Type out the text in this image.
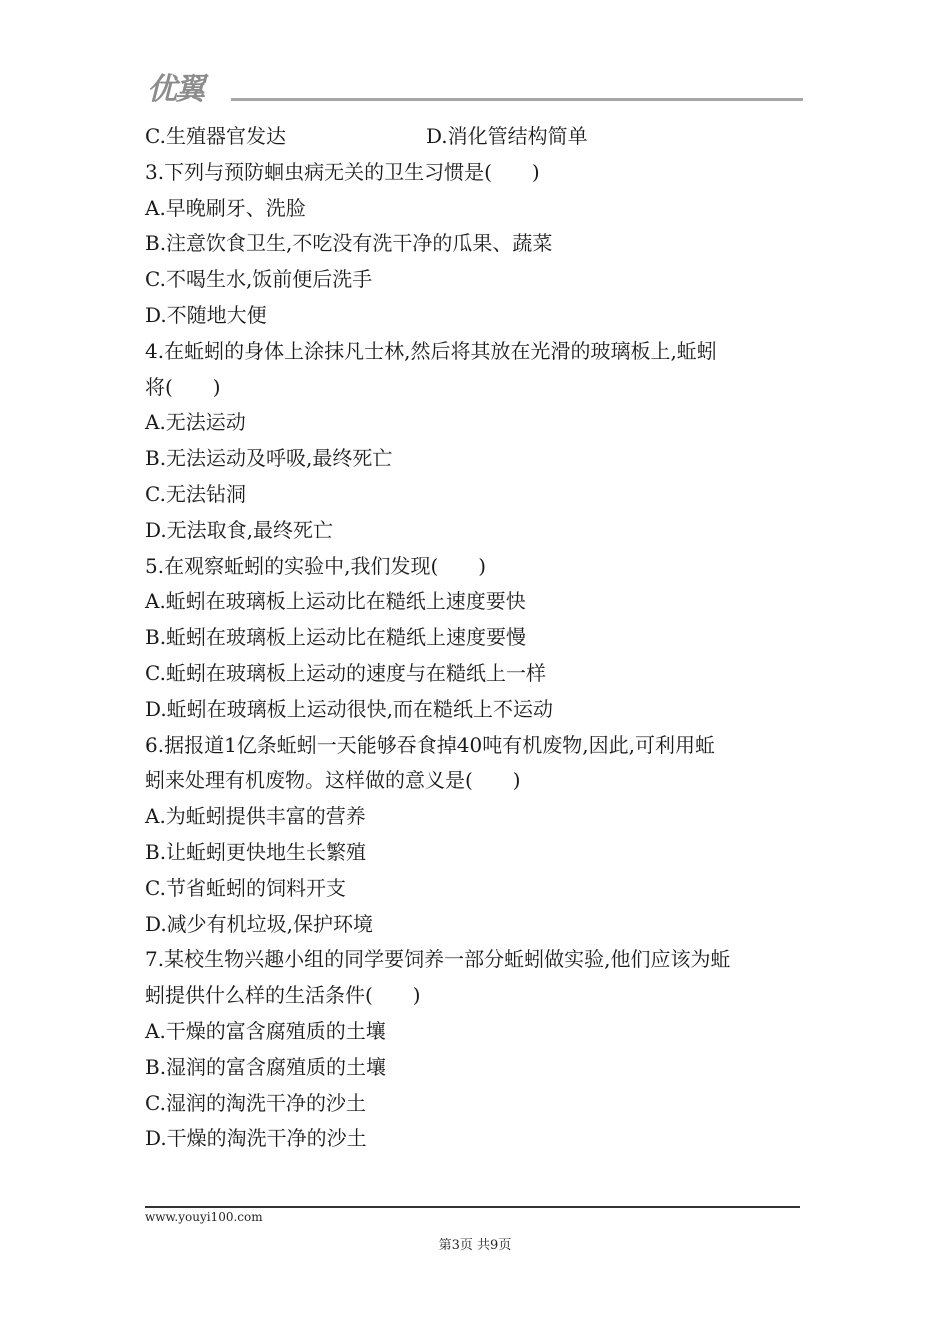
优翼
C.生殖器官发达	D.消化管结构简单
3.下列与预防蛔虫病无关的卫生习惯是(　　)
A.早晚刷牙、洗脸
B.注意饮食卫生,不吃没有洗干净的瓜果、蔬菜
C.不喝生水,饭前便后洗手
D.不随地大便
4.在蚯蚓的身体上涂抹凡士林,然后将其放在光滑的玻璃板上,蚯蚓
将(　　)
A.无法运动
B.无法运动及呼吸,最终死亡
C.无法钻洞
D.无法取食,最终死亡
5.在观察蚯蚓的实验中,我们发现(　　)
A.蚯蚓在玻璃板上运动比在糙纸上速度要快
B.蚯蚓在玻璃板上运动比在糙纸上速度要慢
C.蚯蚓在玻璃板上运动的速度与在糙纸上一样
D.蚯蚓在玻璃板上运动很快,而在糙纸上不运动
6.据报道1亿条蚯蚓一天能够吞食掉40吨有机废物,因此,可利用蚯
蚓来处理有机废物。这样做的意义是(　　)
A.为蚯蚓提供丰富的营养
B.让蚯蚓更快地生长繁殖
C.节省蚯蚓的饲料开支
D.减少有机垃圾,保护环境
7.某校生物兴趣小组的同学要饲养一部分蚯蚓做实验,他们应该为蚯
蚓提供什么样的生活条件(　　)
A.干燥的富含腐殖质的土壤
B.湿润的富含腐殖质的土壤
C.湿润的淘洗干净的沙土
D.干燥的淘洗干净的沙土
www.youyi100.com
第3页 共9页
